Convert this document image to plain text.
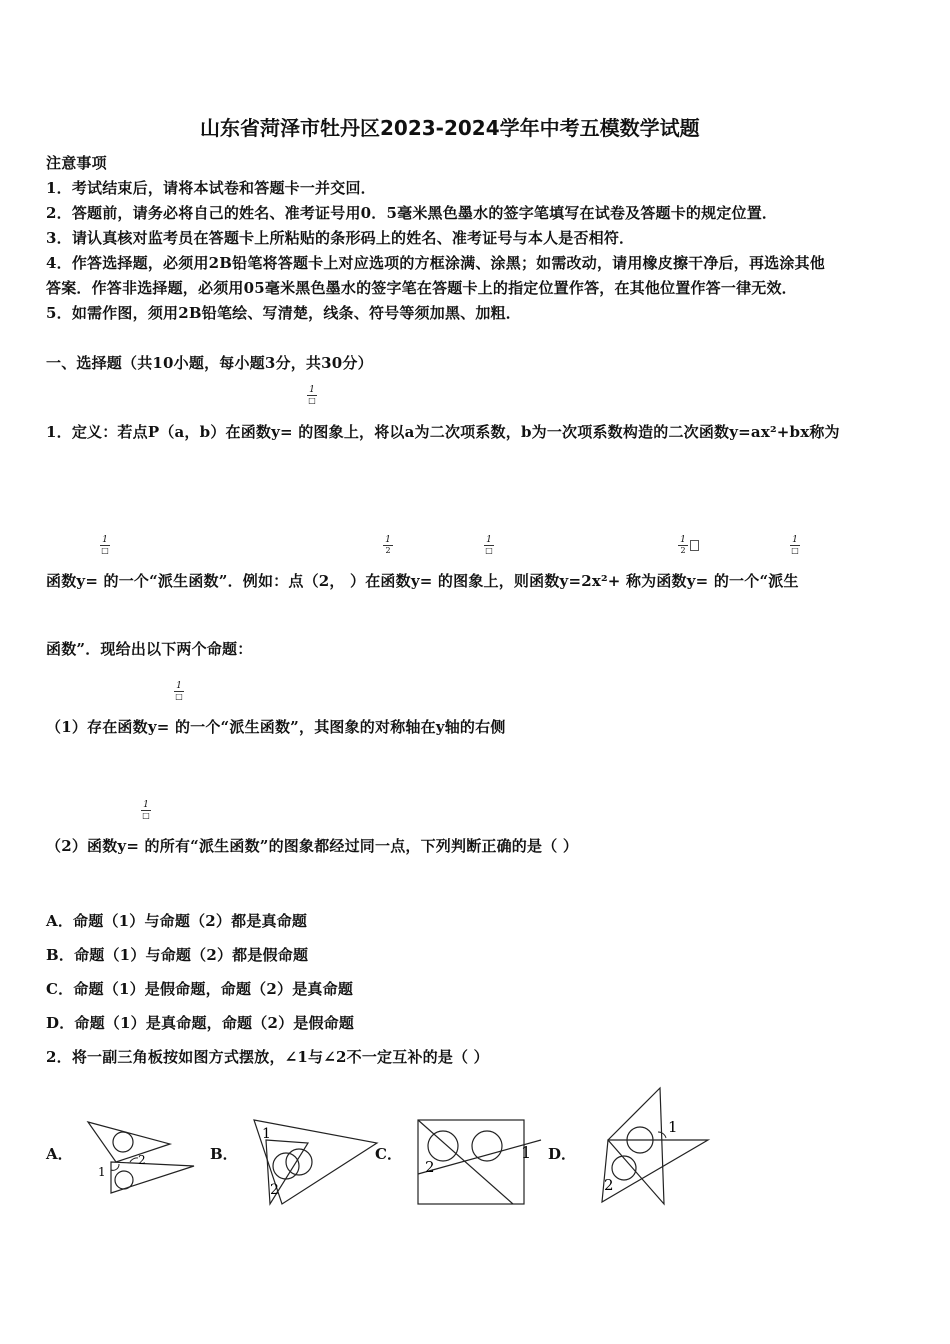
山东省菏泽市牡丹区2023-2024学年中考五模数学试题
注意事项
1．考试结束后，请将本试卷和答题卡一并交回．
2．答题前，请务必将自己的姓名、准考证号用0．5毫米黑色墨水的签字笔填写在试卷及答题卡的规定位置．
3．请认真核对监考员在答题卡上所粘贴的条形码上的姓名、准考证号与本人是否相符．
4．作答选择题，必须用2B铅笔将答题卡上对应选项的方框涂满、涂黑；如需改动，请用橡皮擦干净后，再选涂其他
答案．作答非选择题，必须用05毫米黑色墨水的签字笔在答题卡上的指定位置作答，在其他位置作答一律无效．
5．如需作图，须用2B铅笔绘、写清楚，线条、符号等须加黑、加粗．
一、选择题（共10小题，每小题3分，共30分）
1
□
1．定义：若点P（a，b）在函数y= 的图象上，将以a为二次项系数，b为一次项系数构造的二次函数y=ax²+bx称为
1
□	$\frac{1}{2}$	1
□	$\frac{1}{2}$	1
□
函数y= 的一个“派生函数”．例如：点（2， ）在函数y= 的图象上，则函数y=2x²+ 称为函数y= 的一个“派生
函数”．现给出以下两个命题：
1
□
（1）存在函数y= 的一个“派生函数”，其图象的对称轴在y轴的右侧
1
□
（2）函数y= 的所有“派生函数”的图象都经过同一点，下列判断正确的是（ ）
A．命题（1）与命题（2）都是真命题
B．命题（1）与命题（2）都是假命题
C．命题（1）是假命题，命题（2）是真命题
D．命题（1）是真命题，命题（2）是假命题
2．将一副三角板按如图方式摆放，∠1与∠2不一定互补的是（ ）
A．
1
2	B．
1
2
C．	1
2
D．
1
2
